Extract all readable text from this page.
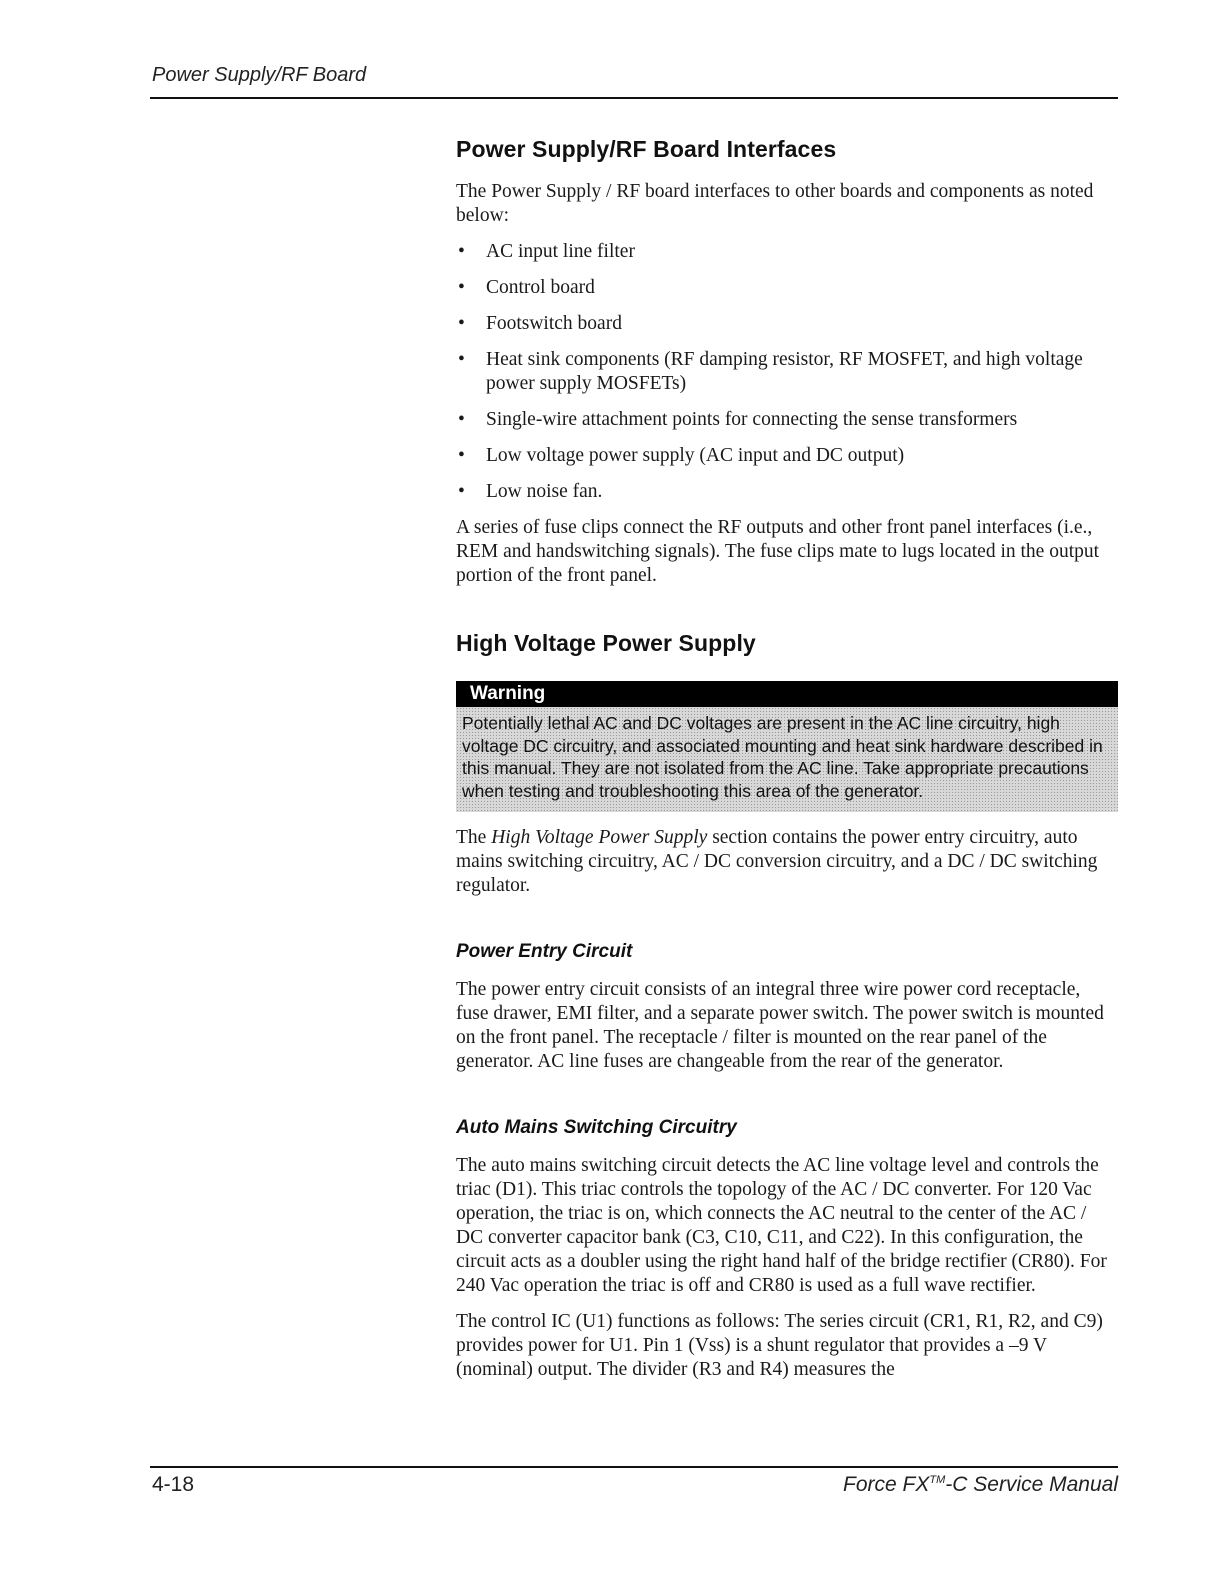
Power Supply/RF Board
Power Supply/RF Board Interfaces

The Power Supply / RF board interfaces to other boards and components as noted below:

• AC input line filter
• Control board
• Footswitch board
• Heat sink components (RF damping resistor, RF MOSFET, and high voltage power supply MOSFETs)
• Single-wire attachment points for connecting the sense transformers
• Low voltage power supply (AC input and DC output)
• Low noise fan.

A series of fuse clips connect the RF outputs and other front panel interfaces (i.e., REM and handswitching signals). The fuse clips mate to lugs located in the output portion of the front panel.

High Voltage Power Supply
Warning
Potentially lethal AC and DC voltages are present in the AC line circuitry, high voltage DC circuitry, and associated mounting and heat sink hardware described in this manual. They are not isolated from the AC line. Take appropriate precautions when testing and troubleshooting this area of the generator.

The High Voltage Power Supply section contains the power entry circuitry, auto mains switching circuitry, AC / DC conversion circuitry, and a DC / DC switching regulator.

Power Entry Circuit

The power entry circuit consists of an integral three wire power cord receptacle, fuse drawer, EMI filter, and a separate power switch. The power switch is mounted on the front panel. The receptacle / filter is mounted on the rear panel of the generator. AC line fuses are changeable from the rear of the generator.

Auto Mains Switching Circuitry

The auto mains switching circuit detects the AC line voltage level and controls the triac (D1). This triac controls the topology of the AC / DC converter. For 120 Vac operation, the triac is on, which connects the AC neutral to the center of the AC / DC converter capacitor bank (C3, C10, C11, and C22). In this configuration, the circuit acts as a doubler using the right hand half of the bridge rectifier (CR80). For 240 Vac operation the triac is off and CR80 is used as a full wave rectifier.

The control IC (U1) functions as follows: The series circuit (CR1, R1, R2, and C9) provides power for U1. Pin 1 (Vss) is a shunt regulator that provides a –9 V (nominal) output. The divider (R3 and R4) measures the

4-18	Force FX™-C Service Manual
